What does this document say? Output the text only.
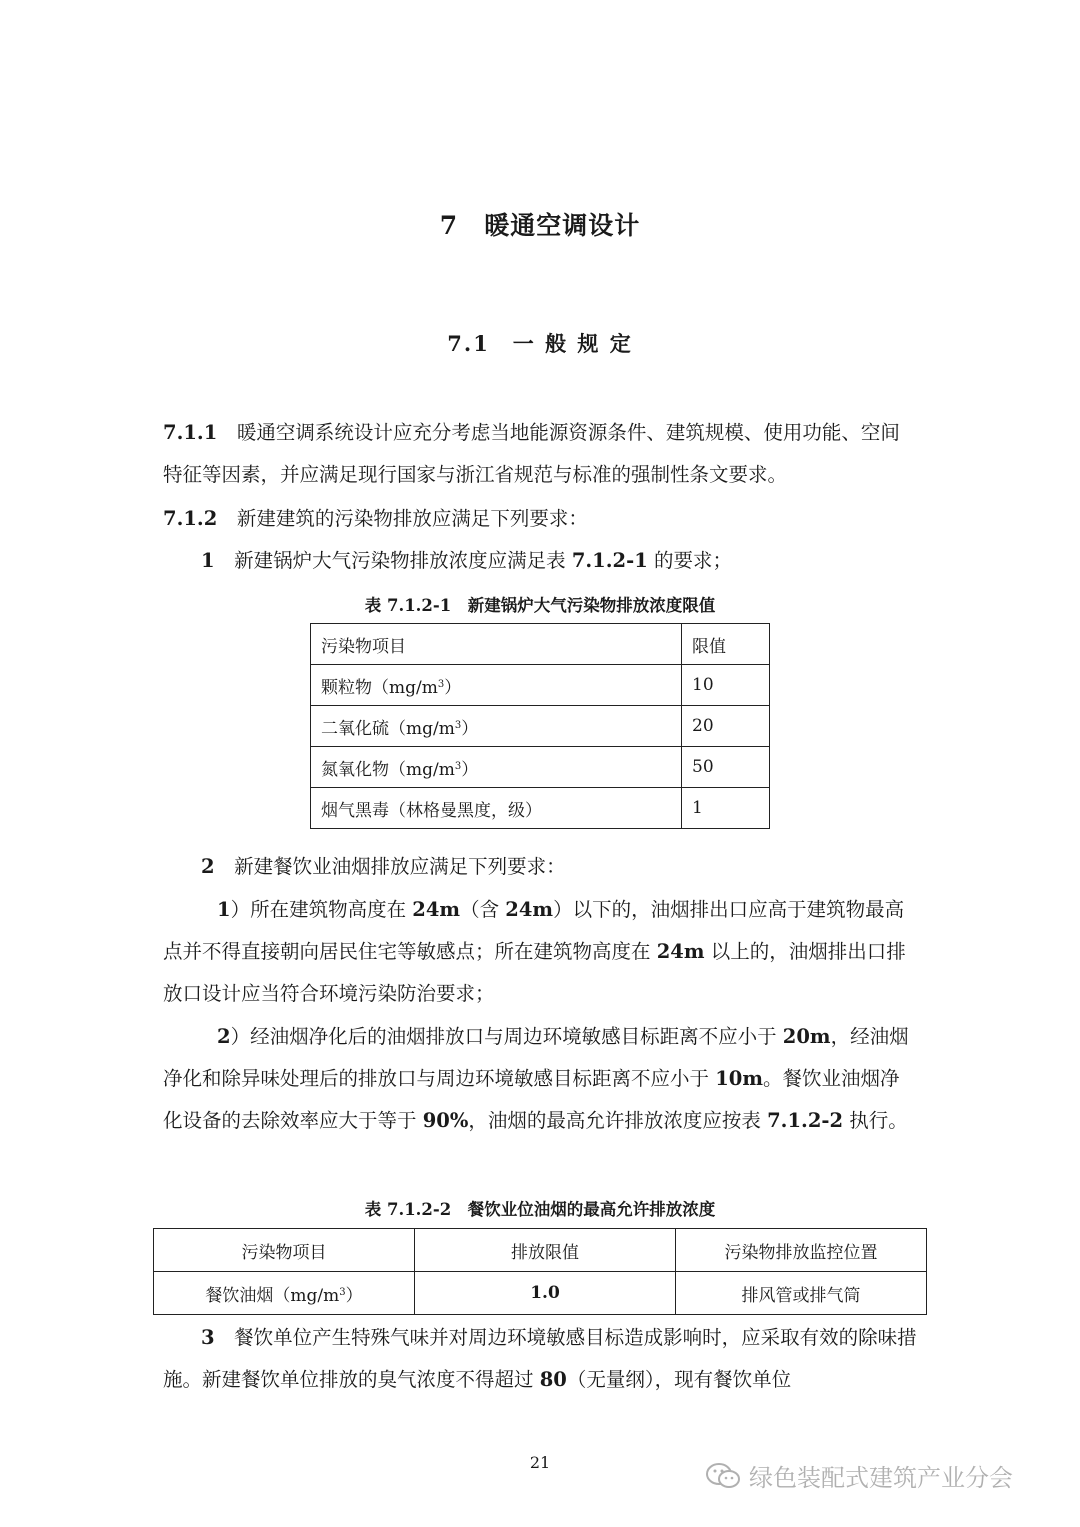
7　暖通空调设计
7.1　一 般 规 定

7.1.1　 暖通空调系统设计应充分考虑当地能源资源条件、建筑规模、使用功能、空间特征等因素，并应满足现行国家与浙江省规范与标准的强制性条文要求。

7.1.2　 新建建筑的污染物排放应满足下列要求：

1　 新建锅炉大气污染物排放浓度应满足表 7.1.2-1 的要求；

表 7.1.2-1　 新建锅炉大气污染物排放浓度限值
污染物项目	限值
颗粒物$(mg/m^3)$	10
二氧化硫$(mg/m^3)$	20
氮氧化物$(mg/m^3)$	50
烟气黑毒（林格曼黑度，级）	1

2　 新建餐饮业油烟排放应满足下列要求：

1）所在建筑物高度在 24m（含 24m）以下的，油烟排出口应高于建筑物最高点并不得直接朝向居民住宅等敏感点；所在建筑物高度在 24m 以上的，油烟排出口排放口设计应当符合环境污染防治要求；

2）经油烟净化后的油烟排放口与周边环境敏感目标距离不应小于 20m，经油烟净化和除异味处理后的排放口与周边环境敏感目标距离不应小于 10m。餐饮业油烟净化设备的去除效率应大于等于 90%，油烟的最高允许排放浓度应按表 7.1.2-2 执行。

表 7.1.2-2　 餐饮业位油烟的最高允许排放浓度
污染物项目	排放限值	污染物排放监控位置
餐饮油烟$(mg/m^3)$	1.0	排风管或排气筒

3　 餐饮单位产生特殊气味并对周边环境敏感目标造成影响时，应采取有效的除味措施。新建餐饮单位排放的臭气浓度不得超过 80（无量纲），现有餐饮单位

21
绿色装配式建筑产业分会
